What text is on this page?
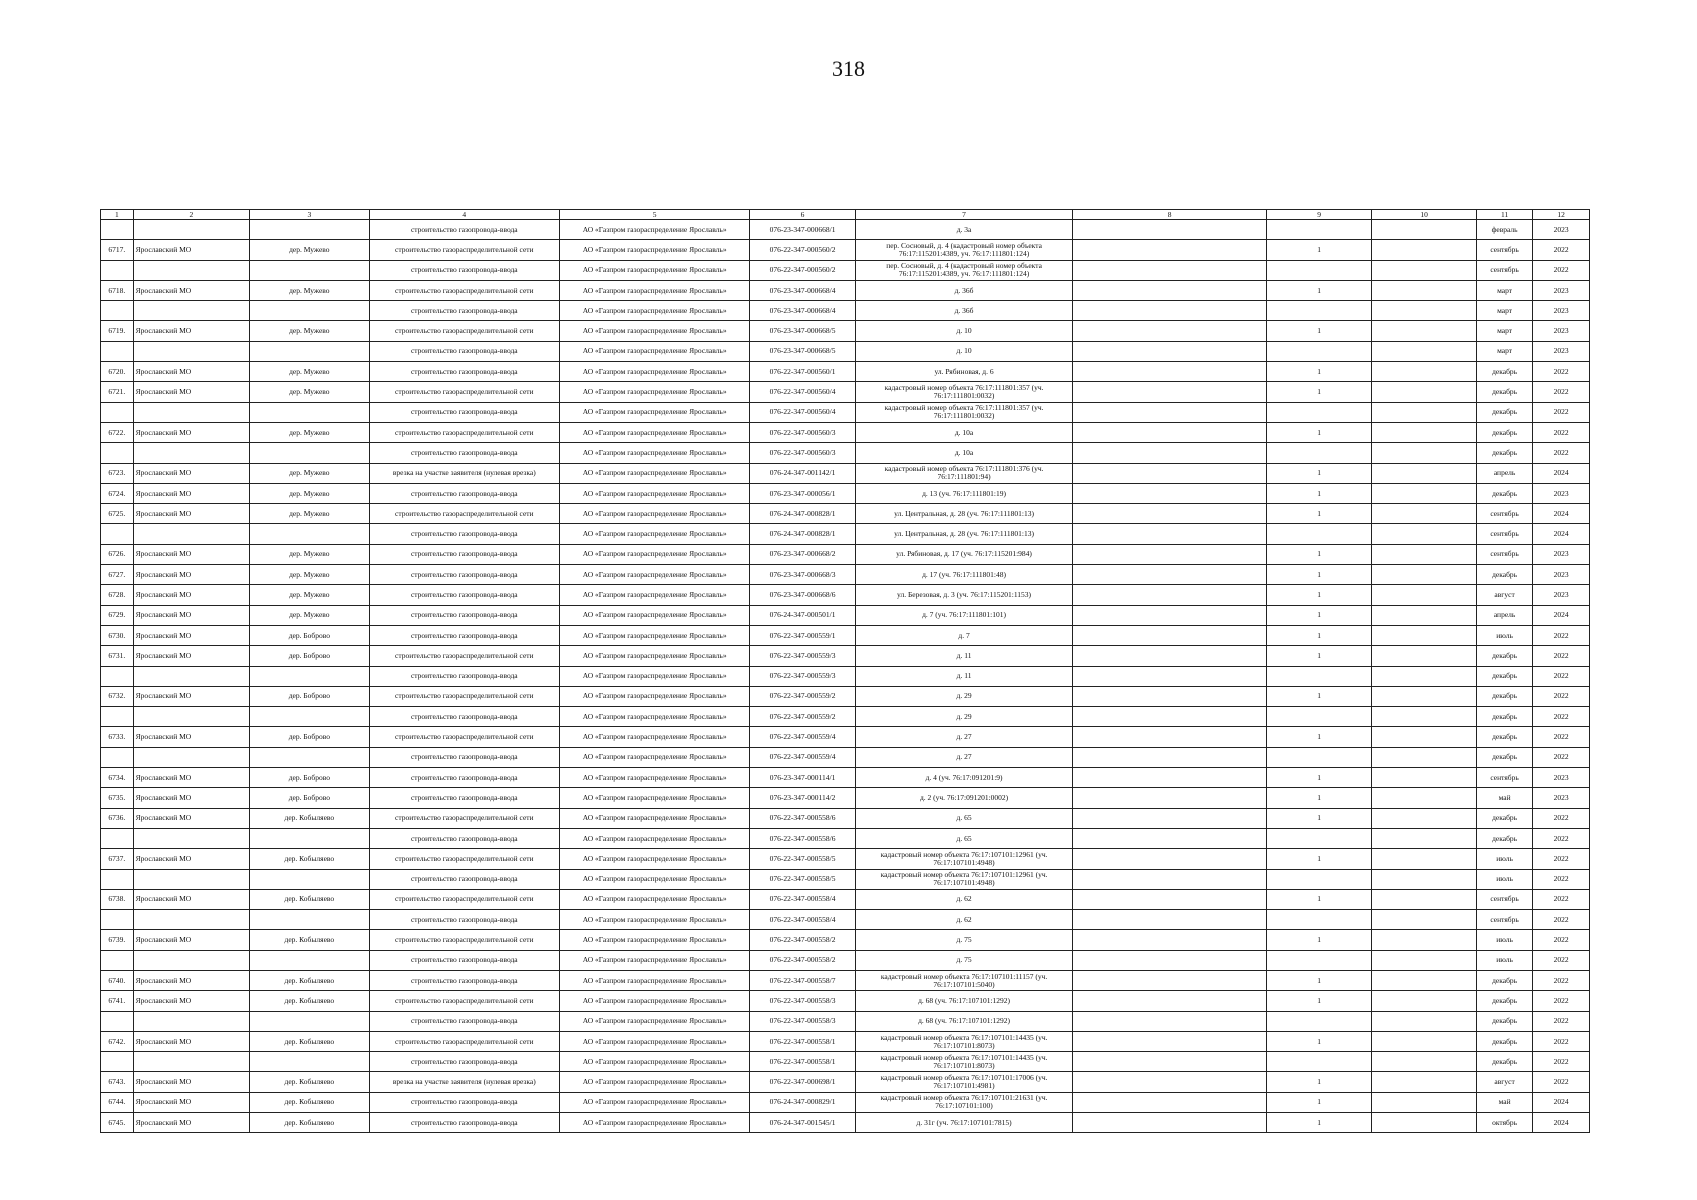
318
1	2	3	4	5	6	7	8	9	10	11	12
			строительство газопровода-ввода	АО «Газпром газораспределение Ярославль»	076-23-347-000668/1	д. 3а				февраль	2023
6717.	Ярославский МО	дер. Мужево	строительство газораспределительной сети	АО «Газпром газораспределение Ярославль»	076-22-347-000560/2	пер. Сосновый, д. 4 (кадастровый номер объекта 76:17:115201:4389, уч. 76:17:111801:124)		1		сентябрь	2022
			строительство газопровода-ввода	АО «Газпром газораспределение Ярославль»	076-22-347-000560/2	пер. Сосновый, д. 4 (кадастровый номер объекта 76:17:115201:4389, уч. 76:17:111801:124)				сентябрь	2022
6718.	Ярославский МО	дер. Мужево	строительство газораспределительной сети	АО «Газпром газораспределение Ярославль»	076-23-347-000668/4	д. 36б		1		март	2023
			строительство газопровода-ввода	АО «Газпром газораспределение Ярославль»	076-23-347-000668/4	д. 36б				март	2023
6719.	Ярославский МО	дер. Мужево	строительство газораспределительной сети	АО «Газпром газораспределение Ярославль»	076-23-347-000668/5	д. 10		1		март	2023
			строительство газопровода-ввода	АО «Газпром газораспределение Ярославль»	076-23-347-000668/5	д. 10				март	2023
6720.	Ярославский МО	дер. Мужево	строительство газопровода-ввода	АО «Газпром газораспределение Ярославль»	076-22-347-000560/1	ул. Рябиновая, д. 6		1		декабрь	2022
6721.	Ярославский МО	дер. Мужево	строительство газораспределительной сети	АО «Газпром газораспределение Ярославль»	076-22-347-000560/4	кадастровый номер объекта 76:17:111801:357 (уч. 76:17:111801:0032)		1		декабрь	2022
			строительство газопровода-ввода	АО «Газпром газораспределение Ярославль»	076-22-347-000560/4	кадастровый номер объекта 76:17:111801:357 (уч. 76:17:111801:0032)				декабрь	2022
6722.	Ярославский МО	дер. Мужево	строительство газораспределительной сети	АО «Газпром газораспределение Ярославль»	076-22-347-000560/3	д. 10а		1		декабрь	2022
			строительство газопровода-ввода	АО «Газпром газораспределение Ярославль»	076-22-347-000560/3	д. 10а				декабрь	2022
6723.	Ярославский МО	дер. Мужево	врезка на участке заявителя (нулевая врезка)	АО «Газпром газораспределение Ярославль»	076-24-347-001142/1	кадастровый номер объекта 76:17:111801:376 (уч. 76:17:111801:94)		1		апрель	2024
6724.	Ярославский МО	дер. Мужево	строительство газопровода-ввода	АО «Газпром газораспределение Ярославль»	076-23-347-000056/1	д. 13 (уч. 76:17:111801:19)		1		декабрь	2023
6725.	Ярославский МО	дер. Мужево	строительство газораспределительной сети	АО «Газпром газораспределение Ярославль»	076-24-347-000828/1	ул. Центральная, д. 28 (уч. 76:17:111801:13)		1		сентябрь	2024
			строительство газопровода-ввода	АО «Газпром газораспределение Ярославль»	076-24-347-000828/1	ул. Центральная, д. 28 (уч. 76:17:111801:13)				сентябрь	2024
6726.	Ярославский МО	дер. Мужево	строительство газопровода-ввода	АО «Газпром газораспределение Ярославль»	076-23-347-000668/2	ул. Рябиновая, д. 17 (уч. 76:17:115201:984)		1		сентябрь	2023
6727.	Ярославский МО	дер. Мужево	строительство газопровода-ввода	АО «Газпром газораспределение Ярославль»	076-23-347-000668/3	д. 17 (уч. 76:17:111801:48)		1		декабрь	2023
6728.	Ярославский МО	дер. Мужево	строительство газопровода-ввода	АО «Газпром газораспределение Ярославль»	076-23-347-000668/6	ул. Березовая, д. 3 (уч. 76:17:115201:1153)		1		август	2023
6729.	Ярославский МО	дер. Мужево	строительство газопровода-ввода	АО «Газпром газораспределение Ярославль»	076-24-347-000501/1	д. 7 (уч. 76:17:111801:101)		1		апрель	2024
6730.	Ярославский МО	дер. Боброво	строительство газопровода-ввода	АО «Газпром газораспределение Ярославль»	076-22-347-000559/1	д. 7		1		июль	2022
6731.	Ярославский МО	дер. Боброво	строительство газораспределительной сети	АО «Газпром газораспределение Ярославль»	076-22-347-000559/3	д. 11		1		декабрь	2022
			строительство газопровода-ввода	АО «Газпром газораспределение Ярославль»	076-22-347-000559/3	д. 11				декабрь	2022
6732.	Ярославский МО	дер. Боброво	строительство газораспределительной сети	АО «Газпром газораспределение Ярославль»	076-22-347-000559/2	д. 29		1		декабрь	2022
			строительство газопровода-ввода	АО «Газпром газораспределение Ярославль»	076-22-347-000559/2	д. 29				декабрь	2022
6733.	Ярославский МО	дер. Боброво	строительство газораспределительной сети	АО «Газпром газораспределение Ярославль»	076-22-347-000559/4	д. 27		1		декабрь	2022
			строительство газопровода-ввода	АО «Газпром газораспределение Ярославль»	076-22-347-000559/4	д. 27				декабрь	2022
6734.	Ярославский МО	дер. Боброво	строительство газопровода-ввода	АО «Газпром газораспределение Ярославль»	076-23-347-000114/1	д. 4 (уч. 76:17:091201:9)		1		сентябрь	2023
6735.	Ярославский МО	дер. Боброво	строительство газопровода-ввода	АО «Газпром газораспределение Ярославль»	076-23-347-000114/2	д. 2 (уч. 76:17:091201:0002)		1		май	2023
6736.	Ярославский МО	дер. Кобыляево	строительство газораспределительной сети	АО «Газпром газораспределение Ярославль»	076-22-347-000558/6	д. 65		1		декабрь	2022
			строительство газопровода-ввода	АО «Газпром газораспределение Ярославль»	076-22-347-000558/6	д. 65				декабрь	2022
6737.	Ярославский МО	дер. Кобыляево	строительство газораспределительной сети	АО «Газпром газораспределение Ярославль»	076-22-347-000558/5	кадастровый номер объекта 76:17:107101:12961 (уч. 76:17:107101:4948)		1		июль	2022
			строительство газопровода-ввода	АО «Газпром газораспределение Ярославль»	076-22-347-000558/5	кадастровый номер объекта 76:17:107101:12961 (уч. 76:17:107101:4948)				июль	2022
6738.	Ярославский МО	дер. Кобыляево	строительство газораспределительной сети	АО «Газпром газораспределение Ярославль»	076-22-347-000558/4	д. 62		1		сентябрь	2022
			строительство газопровода-ввода	АО «Газпром газораспределение Ярославль»	076-22-347-000558/4	д. 62				сентябрь	2022
6739.	Ярославский МО	дер. Кобыляево	строительство газораспределительной сети	АО «Газпром газораспределение Ярославль»	076-22-347-000558/2	д. 75		1		июль	2022
			строительство газопровода-ввода	АО «Газпром газораспределение Ярославль»	076-22-347-000558/2	д. 75				июль	2022
6740.	Ярославский МО	дер. Кобыляево	строительство газопровода-ввода	АО «Газпром газораспределение Ярославль»	076-22-347-000558/7	кадастровый номер объекта 76:17:107101:11157 (уч. 76:17:107101:5040)		1		декабрь	2022
6741.	Ярославский МО	дер. Кобыляево	строительство газораспределительной сети	АО «Газпром газораспределение Ярославль»	076-22-347-000558/3	д. 68 (уч. 76:17:107101:1292)		1		декабрь	2022
			строительство газопровода-ввода	АО «Газпром газораспределение Ярославль»	076-22-347-000558/3	д. 68 (уч. 76:17:107101:1292)				декабрь	2022
6742.	Ярославский МО	дер. Кобыляево	строительство газораспределительной сети	АО «Газпром газораспределение Ярославль»	076-22-347-000558/1	кадастровый номер объекта 76:17:107101:14435 (уч. 76:17:107101:8073)		1		декабрь	2022
			строительство газопровода-ввода	АО «Газпром газораспределение Ярославль»	076-22-347-000558/1	кадастровый номер объекта 76:17:107101:14435 (уч. 76:17:107101:8073)				декабрь	2022
6743.	Ярославский МО	дер. Кобыляево	врезка на участке заявителя (нулевая врезка)	АО «Газпром газораспределение Ярославль»	076-22-347-000698/1	кадастровый номер объекта 76:17:107101:17006 (уч. 76:17:107101:4981)		1		август	2022
6744.	Ярославский МО	дер. Кобыляево	строительство газопровода-ввода	АО «Газпром газораспределение Ярославль»	076-24-347-000829/1	кадастровый номер объекта 76:17:107101:21631 (уч. 76:17:107101:100)		1		май	2024
6745.	Ярославский МО	дер. Кобыляево	строительство газопровода-ввода	АО «Газпром газораспределение Ярославль»	076-24-347-001545/1	д. 31г (уч. 76:17:107101:7815)		1		октябрь	2024
